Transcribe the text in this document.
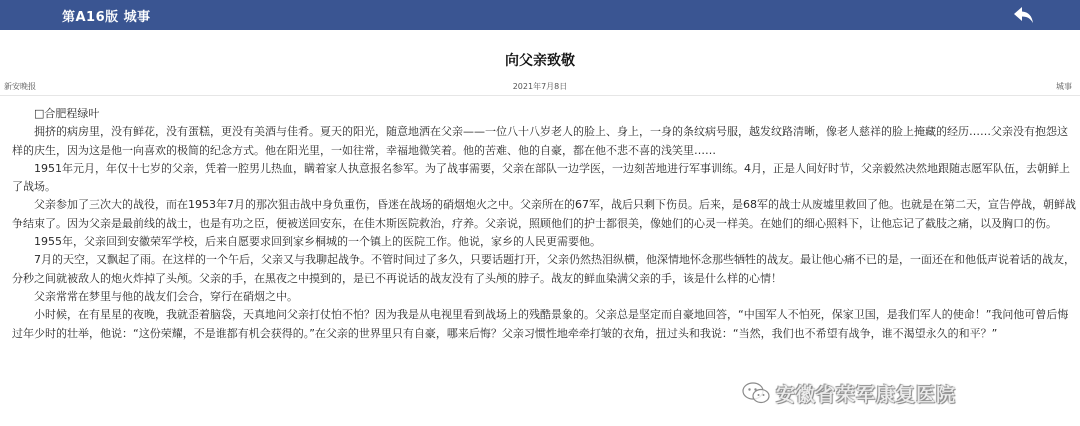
第A16版 城事
向父亲致敬
新安晚报	2021年7月8日	城事

□合肥程绿叶

拥挤的病房里，没有鲜花，没有蛋糕，更没有美酒与佳肴。夏天的阳光，随意地洒在父亲——一位八十八岁老人的脸上、身上，一身的条纹病号服，越发纹路清晰，像老人慈祥的脸上掩藏的经历……父亲没有抱怨这样的庆生，因为这是他一向喜欢的极简的纪念方式。他在阳光里，一如往常，幸福地微笑着。他的苦难、他的自豪，都在他不悲不喜的浅笑里……

1951年元月，年仅十七岁的父亲，凭着一腔男儿热血，瞒着家人执意报名参军。为了战事需要，父亲在部队一边学医，一边刻苦地进行军事训练。4月，正是人间好时节，父亲毅然决然地跟随志愿军队伍，去朝鲜上了战场。

父亲参加了三次大的战役，而在1953年7月的那次狙击战中身负重伤，昏迷在战场的硝烟炮火之中。父亲所在的67军，战后只剩下伤员。后来，是68军的战士从废墟里救回了他。也就是在第二天，宣告停战，朝鲜战争结束了。因为父亲是最前线的战士，也是有功之臣，便被送回安东，在佳木斯医院救治，疗养。父亲说，照顾他们的护士都很美，像她们的心灵一样美。在她们的细心照料下，让他忘记了截肢之痛，以及胸口的伤。

1955年，父亲回到安徽荣军学校，后来自愿要求回到家乡桐城的一个镇上的医院工作。他说，家乡的人民更需要他。

7月的天空，又飘起了雨。在这样的一个午后，父亲又与我聊起战争。不管时间过了多久，只要话题打开，父亲仍然热泪纵横，他深情地怀念那些牺牲的战友。最让他心痛不已的是，一面还在和他低声说着话的战友，分秒之间就被敌人的炮火炸掉了头颅。父亲的手，在黑夜之中摸到的，是已不再说话的战友没有了头颅的脖子。战友的鲜血染满父亲的手，该是什么样的心情！

父亲常常在梦里与他的战友们会合，穿行在硝烟之中。

小时候，在有星星的夜晚，我就歪着脑袋，天真地问父亲打仗怕不怕？因为我是从电视里看到战场上的残酷景象的。父亲总是坚定而自豪地回答，“中国军人不怕死，保家卫国，是我们军人的使命！”我问他可曾后悔过年少时的壮举，他说：“这份荣耀，不是谁都有机会获得的。”在父亲的世界里只有自豪，哪来后悔？父亲习惯性地牵牵打皱的衣角，扭过头和我说：“当然，我们也不希望有战争，谁不渴望永久的和平？”

安徽省荣军康复医院
